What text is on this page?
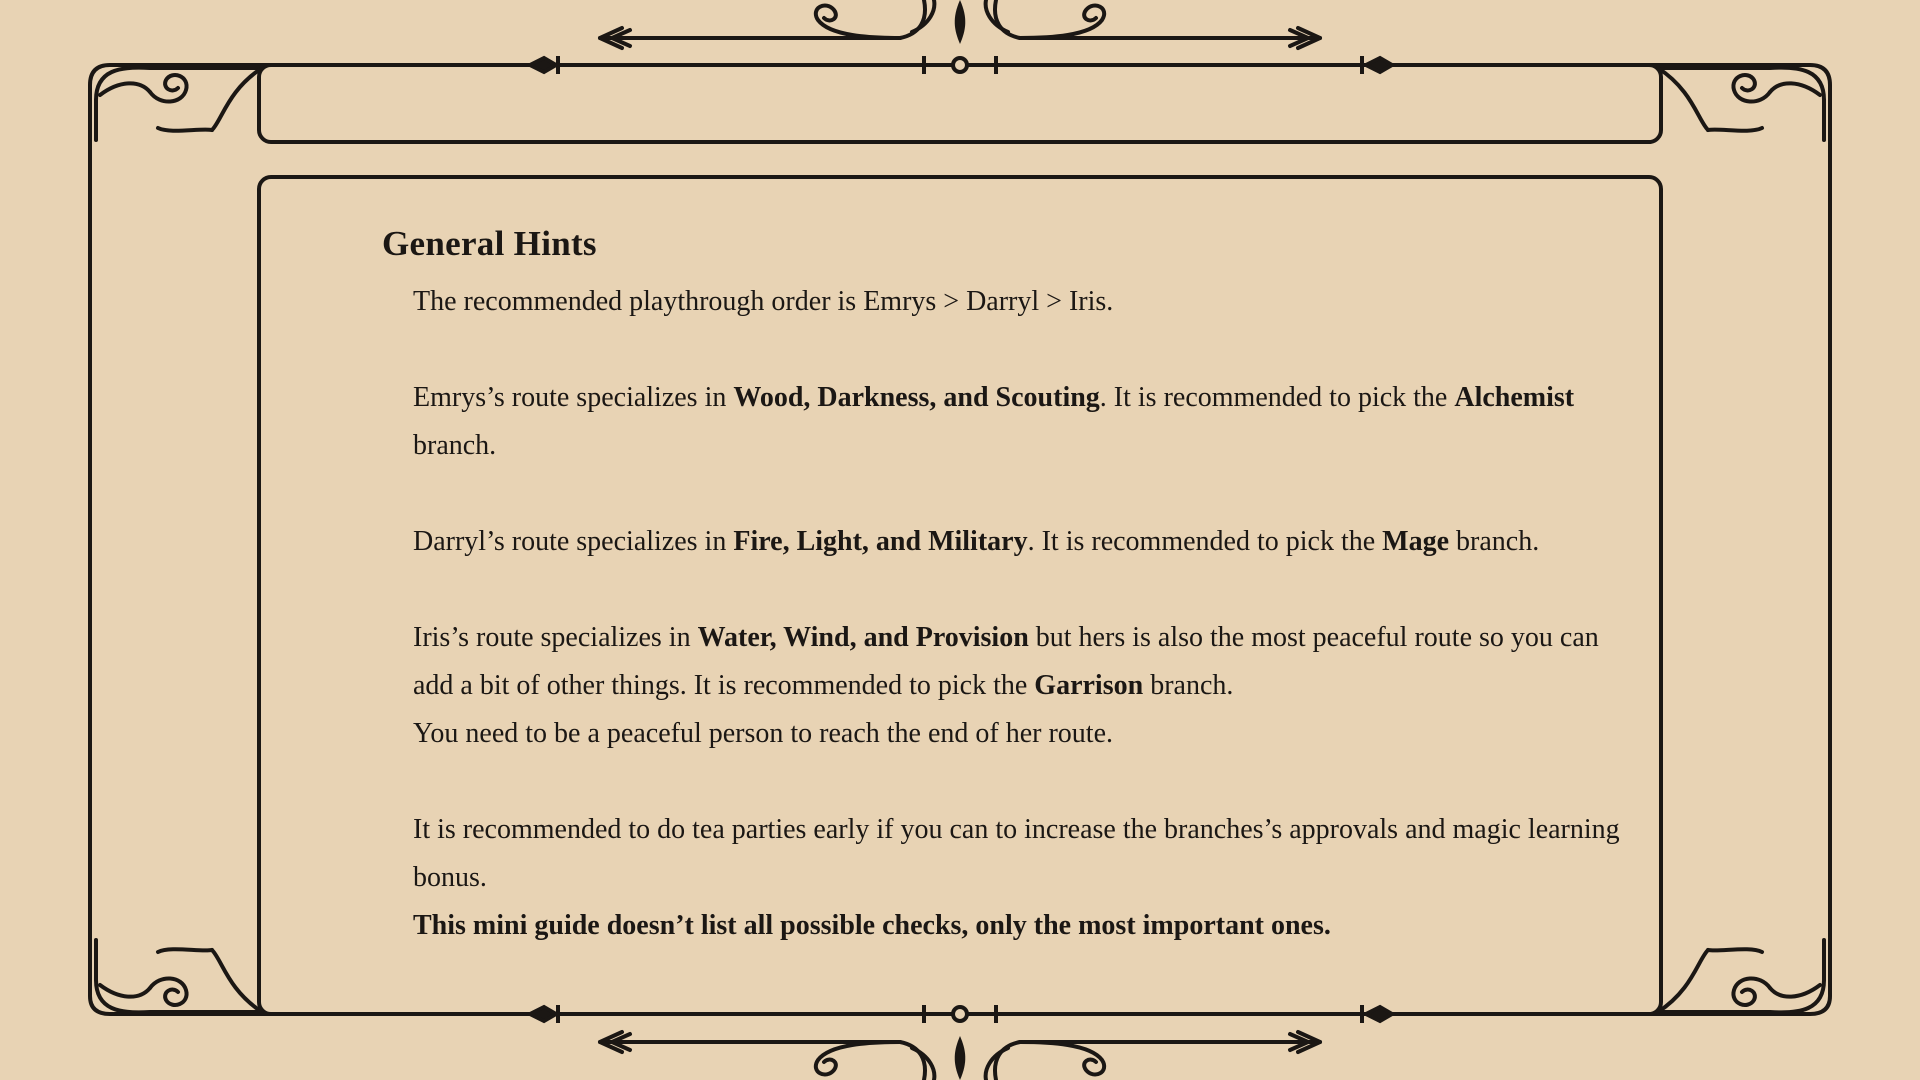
General Hints

The recommended playthrough order is Emrys > Darryl > Iris.

Emrys’s route specializes in Wood, Darkness, and Scouting. It is recommended to pick the Alchemist branch.

Darryl’s route specializes in Fire, Light, and Military. It is recommended to pick the Mage branch.

Iris’s route specializes in Water, Wind, and Provision but hers is also the most peaceful route so you can add a bit of other things. It is recommended to pick the Garrison branch.
You need to be a peaceful person to reach the end of her route.

It is recommended to do tea parties early if you can to increase the branches’s approvals and magic learning bonus.

This mini guide doesn’t list all possible checks, only the most important ones.
